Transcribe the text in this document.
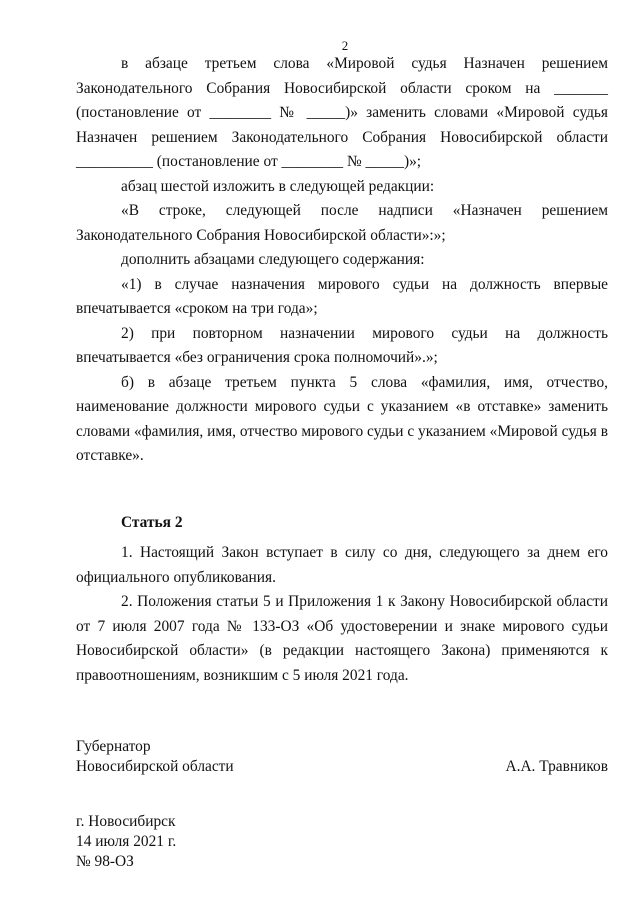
2

в абзаце третьем слова «Мировой судья Назначен решением Законодательного Собрания Новосибирской области сроком на _______ (постановление от ________ № _____)» заменить словами «Мировой судья Назначен решением Законодательного Собрания Новосибирской области __________ (постановление от ________ № _____)»;

абзац шестой изложить в следующей редакции:

«В строке, следующей после надписи «Назначен решением Законодательного Собрания Новосибирской области»:»;

дополнить абзацами следующего содержания:

«1) в случае назначения мирового судьи на должность впервые впечатывается «сроком на три года»;

2) при повторном назначении мирового судьи на должность впечатывается «без ограничения срока полномочий».»;

б) в абзаце третьем пункта 5 слова «фамилия, имя, отчество, наименование должности мирового судьи с указанием «в отставке» заменить словами «фамилия, имя, отчество мирового судьи с указанием «Мировой судья в отставке».

Статья 2

1. Настоящий Закон вступает в силу со дня, следующего за днем его официального опубликования.

2. Положения статьи 5 и Приложения 1 к Закону Новосибирской области от 7 июля 2007 года № 133-ОЗ «Об удостоверении и знаке мирового судьи Новосибирской области» (в редакции настоящего Закона) применяются к правоотношениям, возникшим с 5 июля 2021 года.

Губернатор
Новосибирской области	А.А. Травников
г. Новосибирск
14 июля 2021 г.
№ 98-ОЗ
